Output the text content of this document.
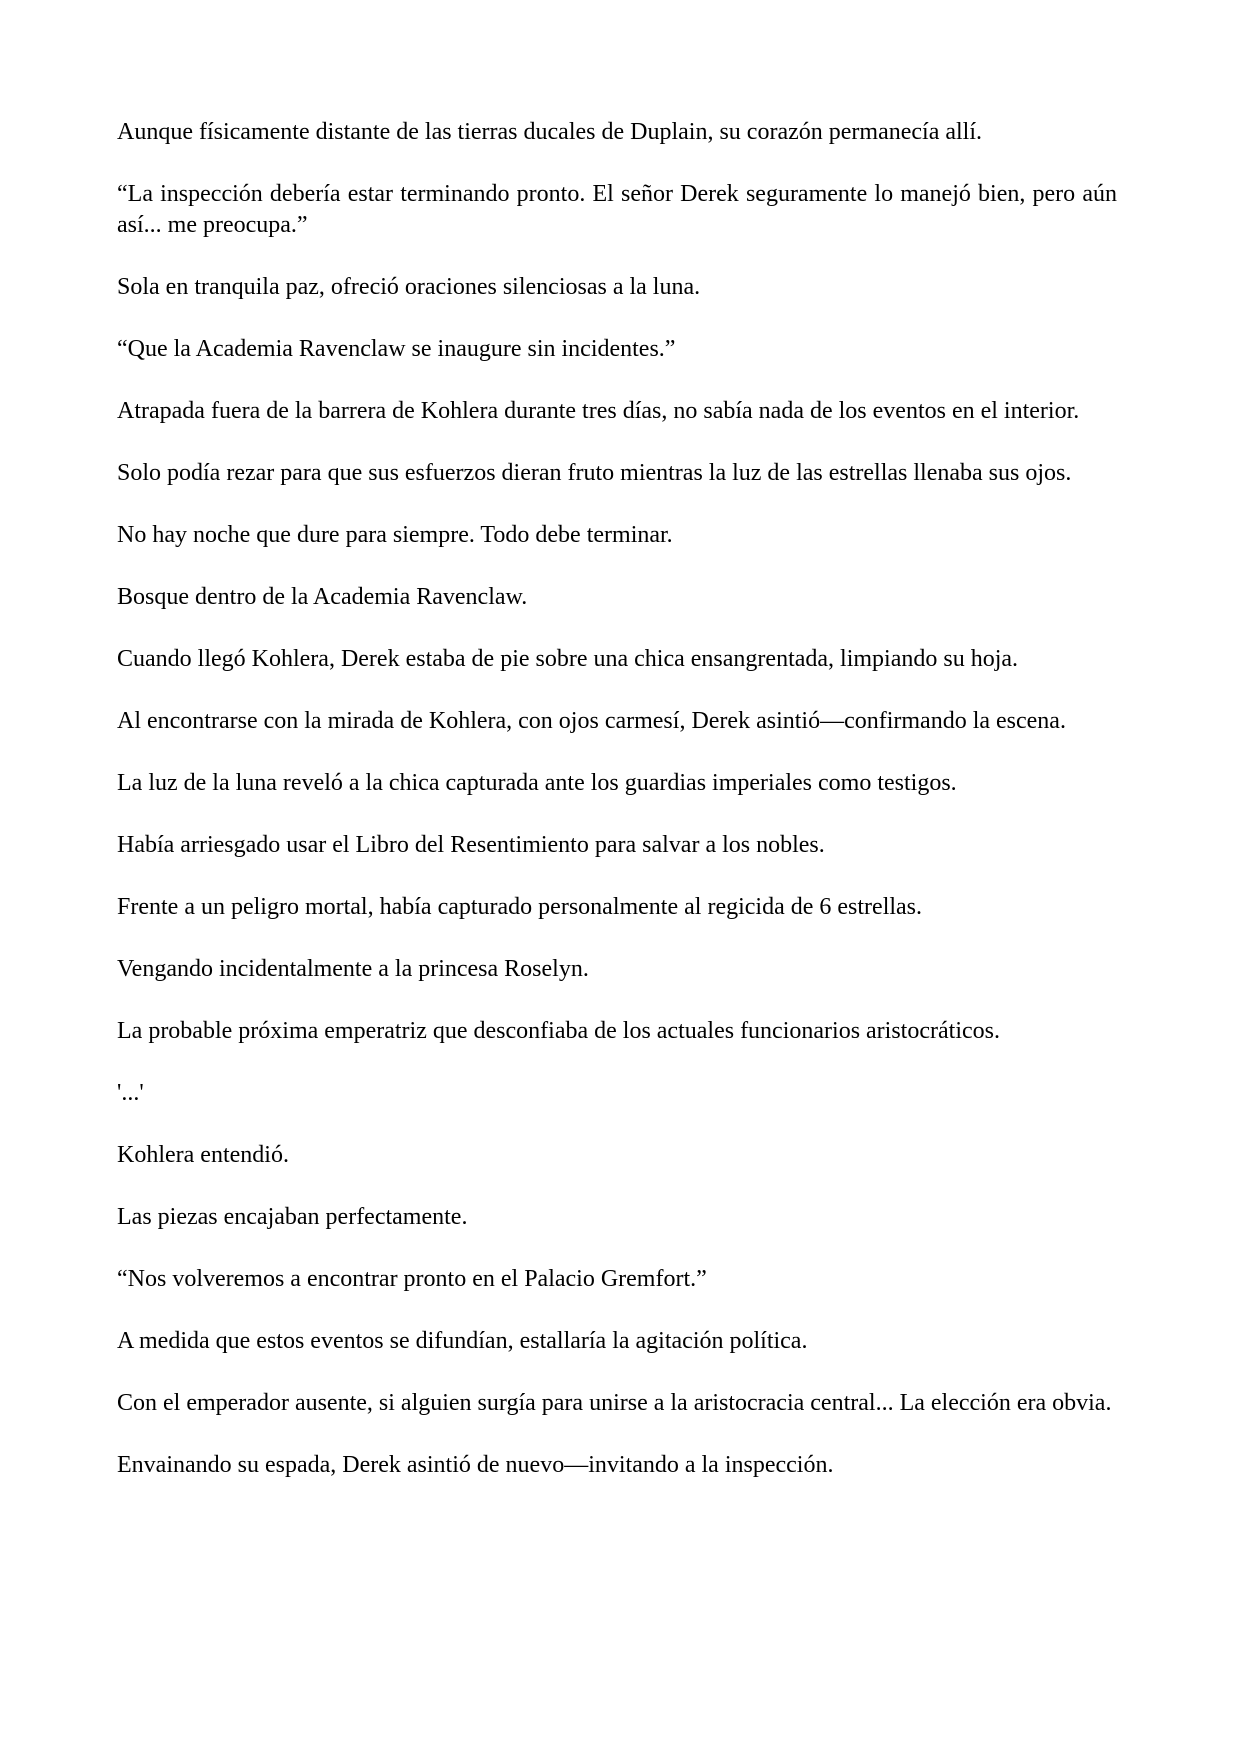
Aunque físicamente distante de las tierras ducales de Duplain, su corazón permanecía allí.

“La inspección debería estar terminando pronto. El señor Derek seguramente lo manejó bien, pero aún así... me preocupa.”

Sola en tranquila paz, ofreció oraciones silenciosas a la luna.

“Que la Academia Ravenclaw se inaugure sin incidentes.”

Atrapada fuera de la barrera de Kohlera durante tres días, no sabía nada de los eventos en el interior.

Solo podía rezar para que sus esfuerzos dieran fruto mientras la luz de las estrellas llenaba sus ojos.

No hay noche que dure para siempre. Todo debe terminar.

Bosque dentro de la Academia Ravenclaw.

Cuando llegó Kohlera, Derek estaba de pie sobre una chica ensangrentada, limpiando su hoja.

Al encontrarse con la mirada de Kohlera, con ojos carmesí, Derek asintió—confirmando la escena.

La luz de la luna reveló a la chica capturada ante los guardias imperiales como testigos.

Había arriesgado usar el Libro del Resentimiento para salvar a los nobles.

Frente a un peligro mortal, había capturado personalmente al regicida de 6 estrellas.

Vengando incidentalmente a la princesa Roselyn.

La probable próxima emperatriz que desconfiaba de los actuales funcionarios aristocráticos.

'...'

Kohlera entendió.

Las piezas encajaban perfectamente.

“Nos volveremos a encontrar pronto en el Palacio Gremfort.”

A medida que estos eventos se difundían, estallaría la agitación política.

Con el emperador ausente, si alguien surgía para unirse a la aristocracia central... La elección era obvia.

Envainando su espada, Derek asintió de nuevo—invitando a la inspección.
